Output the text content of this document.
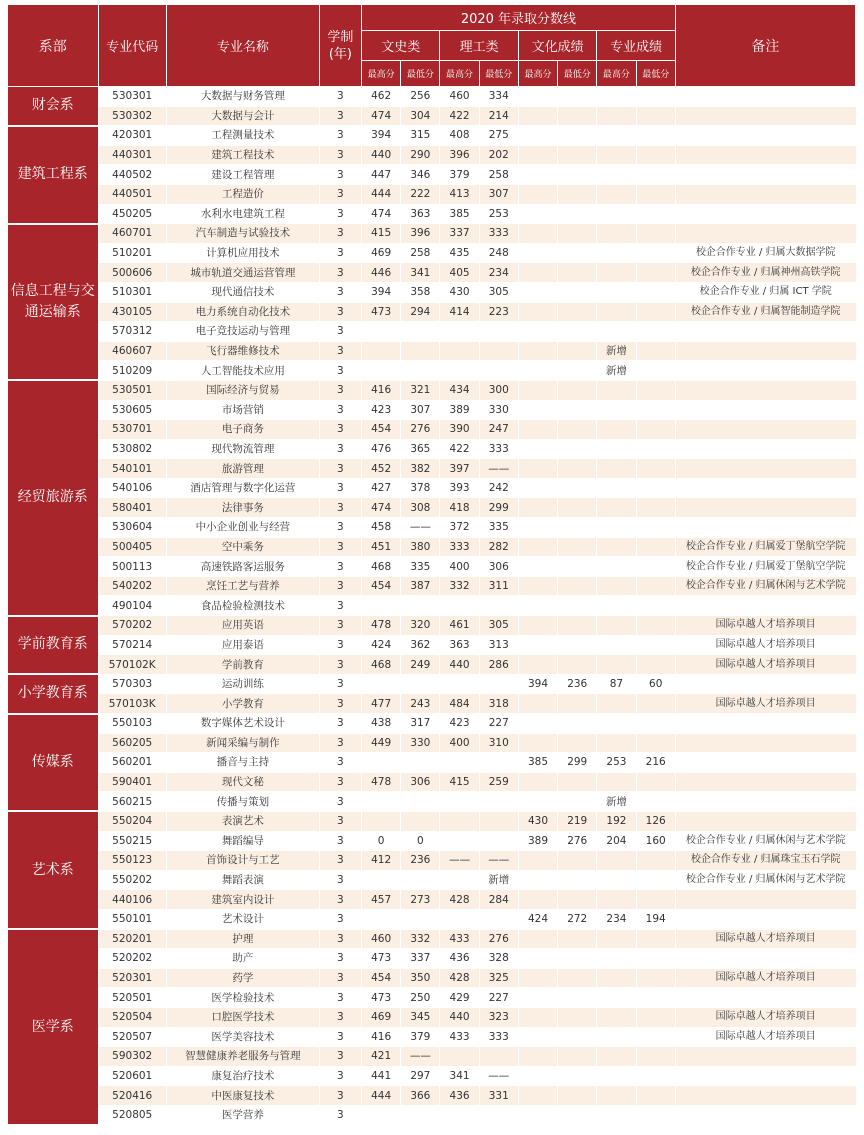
系部	专业代码	专业名称	学制
(年)	2020 年录取分数线								备注
				文史类		理工类		文化成绩		专业成绩		
				最高分	最低分	最高分	最低分	最高分	最低分	最高分	最低分	
财会系	530301	大数据与财务管理	3	462	256	460	334					
	530302	大数据与会计	3	474	304	422	214					
建筑工程系	420301	工程测量技术	3	394	315	408	275					
	440301	建筑工程技术	3	440	290	396	202					
	440502	建设工程管理	3	447	346	379	258					
	440501	工程造价	3	444	222	413	307					
	450205	水利水电建筑工程	3	474	363	385	253					
信息工程与交通运输系	460701	汽车制造与试验技术	3	415	396	337	333					
	510201	计算机应用技术	3	469	258	435	248					校企合作专业 / 归属大数据学院
	500606	城市轨道交通运营管理	3	446	341	405	234					校企合作专业 / 归属神州高铁学院
	510301	现代通信技术	3	394	358	430	305					校企合作专业 / 归属 ICT 学院
	430105	电力系统自动化技术	3	473	294	414	223					校企合作专业 / 归属智能制造学院
	570312	电子竞技运动与管理	3									
	460607	飞行器维修技术	3							新增		
	510209	人工智能技术应用	3							新增		
经贸旅游系	530501	国际经济与贸易	3	416	321	434	300					
	530605	市场营销	3	423	307	389	330					
	530701	电子商务	3	454	276	390	247					
	530802	现代物流管理	3	476	365	422	333					
	540101	旅游管理	3	452	382	397	——					
	540106	酒店管理与数字化运营	3	427	378	393	242					
	580401	法律事务	3	474	308	418	299					
	530604	中小企业创业与经营	3	458	——	372	335					
	500405	空中乘务	3	451	380	333	282					校企合作专业 / 归属爱丁堡航空学院
	500113	高速铁路客运服务	3	468	335	400	306					校企合作专业 / 归属爱丁堡航空学院
	540202	烹饪工艺与营养	3	454	387	332	311					校企合作专业 / 归属休闲与艺术学院
	490104	食品检验检测技术	3									
学前教育系	570202	应用英语	3	478	320	461	305					国际卓越人才培养项目
	570214	应用泰语	3	424	362	363	313					国际卓越人才培养项目
	570102K	学前教育	3	468	249	440	286					国际卓越人才培养项目
小学教育系	570303	运动训练	3					394	236	87	60	
	570103K	小学教育	3	477	243	484	318					国际卓越人才培养项目
传媒系	550103	数字媒体艺术设计	3	438	317	423	227					
	560205	新闻采编与制作	3	449	330	400	310					
	560201	播音与主持	3					385	299	253	216	
	590401	现代文秘	3	478	306	415	259					
	560215	传播与策划	3							新增		
艺术系	550204	表演艺术	3					430	219	192	126	
	550215	舞蹈编导	3	0	0			389	276	204	160	校企合作专业 / 归属休闲与艺术学院
	550123	首饰设计与工艺	3	412	236	——	——					校企合作专业 / 归属珠宝玉石学院
	550202	舞蹈表演	3				新增					校企合作专业 / 归属休闲与艺术学院
	440106	建筑室内设计	3	457	273	428	284					
	550101	艺术设计	3					424	272	234	194	
医学系	520201	护理	3	460	332	433	276					国际卓越人才培养项目
	520202	助产	3	473	337	436	328					
	520301	药学	3	454	350	428	325					国际卓越人才培养项目
	520501	医学检验技术	3	473	250	429	227					
	520504	口腔医学技术	3	469	345	440	323					国际卓越人才培养项目
	520507	医学美容技术	3	416	379	433	333					国际卓越人才培养项目
	590302	智慧健康养老服务与管理	3	421	——							
	520601	康复治疗技术	3	441	297	341	——					
	520416	中医康复技术	3	444	366	436	331					
	520805	医学营养	3									
